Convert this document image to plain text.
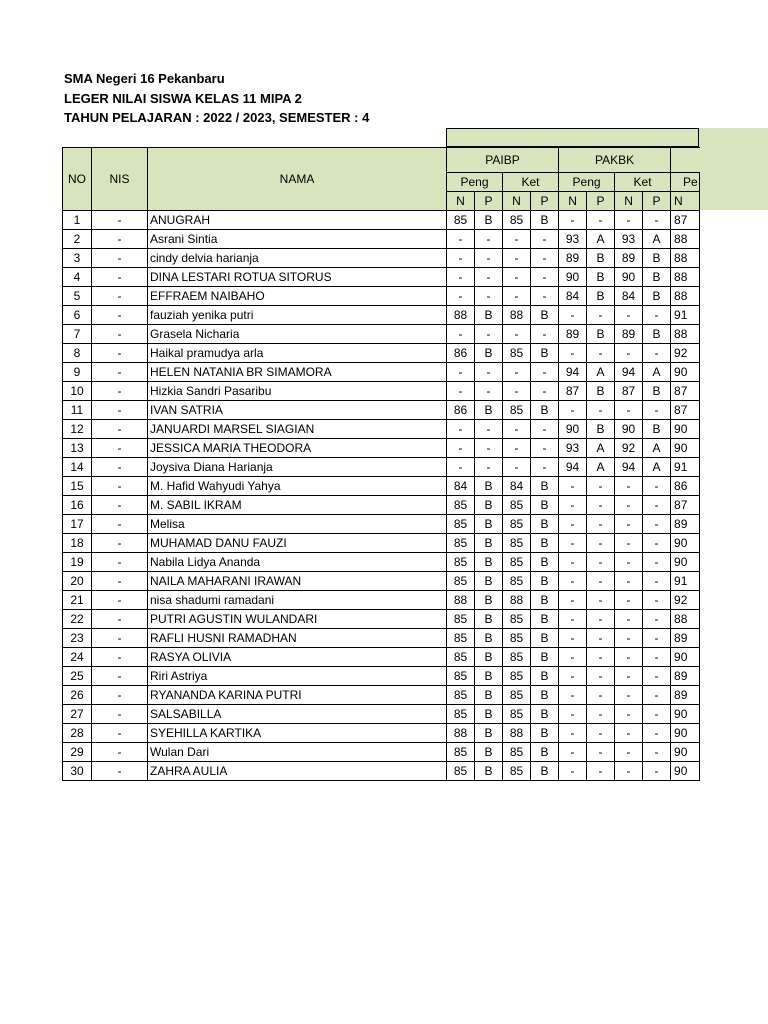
SMA Negeri 16 Pekanbaru
LEGER NILAI SISWA KELAS 11 MIPA 2
TAHUN PELAJARAN : 2022 / 2023, SEMESTER : 4
NO	NIS	NAMA	PAIBP				PAKBK				
			Peng		Ket		Peng		Ket		Pe
			N	P	N	P	N	P	N	P	N
1	-	ANUGRAH	85	B	85	B	-	-	-	-	87
2	-	Asrani Sintia	-	-	-	-	93	A	93	A	88
3	-	cindy delvia harianja	-	-	-	-	89	B	89	B	88
4	-	DINA LESTARI ROTUA SITORUS	-	-	-	-	90	B	90	B	88
5	-	EFFRAEM NAIBAHO	-	-	-	-	84	B	84	B	88
6	-	fauziah yenika putri	88	B	88	B	-	-	-	-	91
7	-	Grasela Nicharia	-	-	-	-	89	B	89	B	88
8	-	Haikal pramudya arla	86	B	85	B	-	-	-	-	92
9	-	HELEN NATANIA BR SIMAMORA	-	-	-	-	94	A	94	A	90
10	-	Hizkia Sandri Pasaribu	-	-	-	-	87	B	87	B	87
11	-	IVAN SATRIA	86	B	85	B	-	-	-	-	87
12	-	JANUARDI MARSEL SIAGIAN	-	-	-	-	90	B	90	B	90
13	-	JESSICA MARIA THEODORA	-	-	-	-	93	A	92	A	90
14	-	Joysiva Diana Harianja	-	-	-	-	94	A	94	A	91
15	-	M. Hafid Wahyudi Yahya	84	B	84	B	-	-	-	-	86
16	-	M. SABIL IKRAM	85	B	85	B	-	-	-	-	87
17	-	Melisa	85	B	85	B	-	-	-	-	89
18	-	MUHAMAD DANU FAUZI	85	B	85	B	-	-	-	-	90
19	-	Nabila Lidya Ananda	85	B	85	B	-	-	-	-	90
20	-	NAILA MAHARANI IRAWAN	85	B	85	B	-	-	-	-	91
21	-	nisa shadumi ramadani	88	B	88	B	-	-	-	-	92
22	-	PUTRI AGUSTIN WULANDARI	85	B	85	B	-	-	-	-	88
23	-	RAFLI HUSNI RAMADHAN	85	B	85	B	-	-	-	-	89
24	-	RASYA OLIVIA	85	B	85	B	-	-	-	-	90
25	-	Riri Astriya	85	B	85	B	-	-	-	-	89
26	-	RYANANDA KARINA PUTRI	85	B	85	B	-	-	-	-	89
27	-	SALSABILLA	85	B	85	B	-	-	-	-	90
28	-	SYEHILLA KARTIKA	88	B	88	B	-	-	-	-	90
29	-	Wulan Dari	85	B	85	B	-	-	-	-	90
30	-	ZAHRA AULIA	85	B	85	B	-	-	-	-	90
